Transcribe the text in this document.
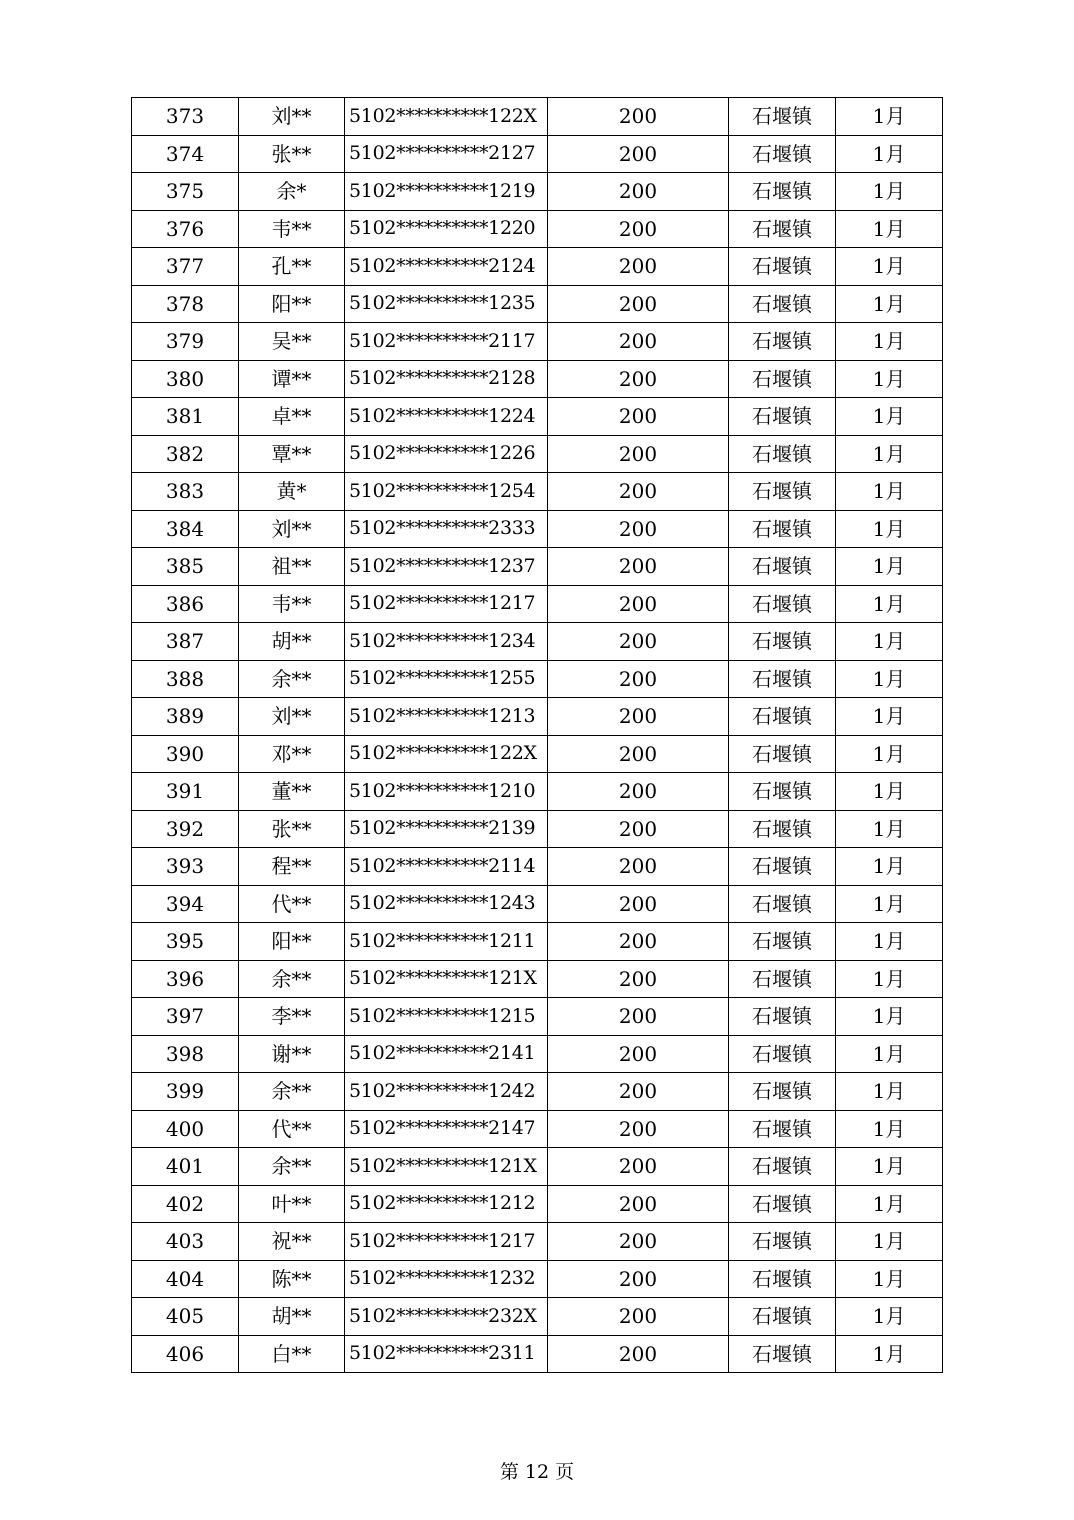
373	刘**	5102**********122X	200	石堰镇	1月
374	张**	5102**********2127	200	石堰镇	1月
375	余*	5102**********1219	200	石堰镇	1月
376	韦**	5102**********1220	200	石堰镇	1月
377	孔**	5102**********2124	200	石堰镇	1月
378	阳**	5102**********1235	200	石堰镇	1月
379	吴**	5102**********2117	200	石堰镇	1月
380	谭**	5102**********2128	200	石堰镇	1月
381	卓**	5102**********1224	200	石堰镇	1月
382	覃**	5102**********1226	200	石堰镇	1月
383	黄*	5102**********1254	200	石堰镇	1月
384	刘**	5102**********2333	200	石堰镇	1月
385	祖**	5102**********1237	200	石堰镇	1月
386	韦**	5102**********1217	200	石堰镇	1月
387	胡**	5102**********1234	200	石堰镇	1月
388	余**	5102**********1255	200	石堰镇	1月
389	刘**	5102**********1213	200	石堰镇	1月
390	邓**	5102**********122X	200	石堰镇	1月
391	董**	5102**********1210	200	石堰镇	1月
392	张**	5102**********2139	200	石堰镇	1月
393	程**	5102**********2114	200	石堰镇	1月
394	代**	5102**********1243	200	石堰镇	1月
395	阳**	5102**********1211	200	石堰镇	1月
396	余**	5102**********121X	200	石堰镇	1月
397	李**	5102**********1215	200	石堰镇	1月
398	谢**	5102**********2141	200	石堰镇	1月
399	余**	5102**********1242	200	石堰镇	1月
400	代**	5102**********2147	200	石堰镇	1月
401	余**	5102**********121X	200	石堰镇	1月
402	叶**	5102**********1212	200	石堰镇	1月
403	祝**	5102**********1217	200	石堰镇	1月
404	陈**	5102**********1232	200	石堰镇	1月
405	胡**	5102**********232X	200	石堰镇	1月
406	白**	5102**********2311	200	石堰镇	1月
第 12 页
